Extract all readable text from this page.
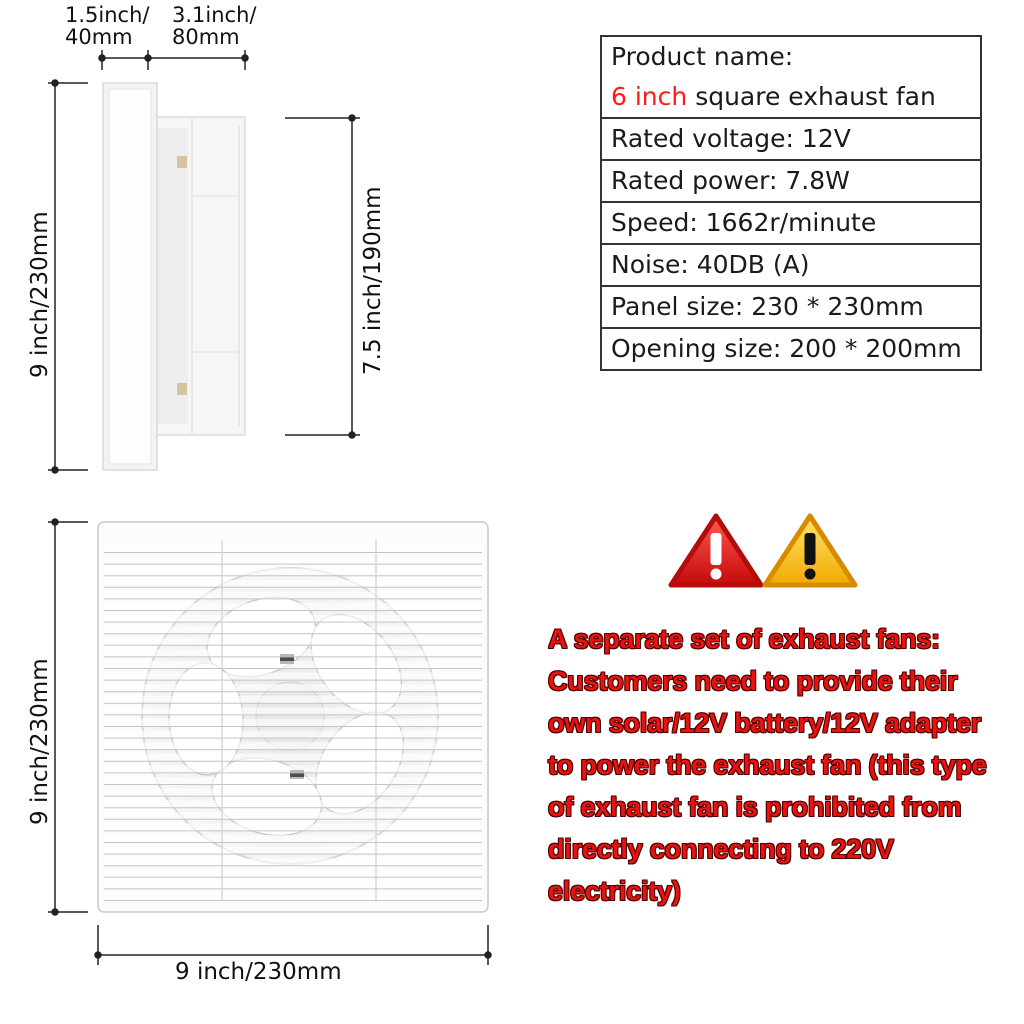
1.5inch/
40mm
3.1inch/
80mm
9 inch/230mm	7.5 inch/190mm
9 inch/230mm
9 inch/230mm
Product name:
6 inch square exhaust fan
Rated voltage: 12V
Rated power: 7.8W
Speed: 1662r/minute
Noise: 40DB (A)
Panel size: 230 * 230mm
Opening size: 200 * 200mm
A separate set of exhaust fans:
Customers need to provide their
own solar/12V battery/12V adapter
to power the exhaust fan (this type
of exhaust fan is prohibited from
directly connecting to 220V
electricity)
